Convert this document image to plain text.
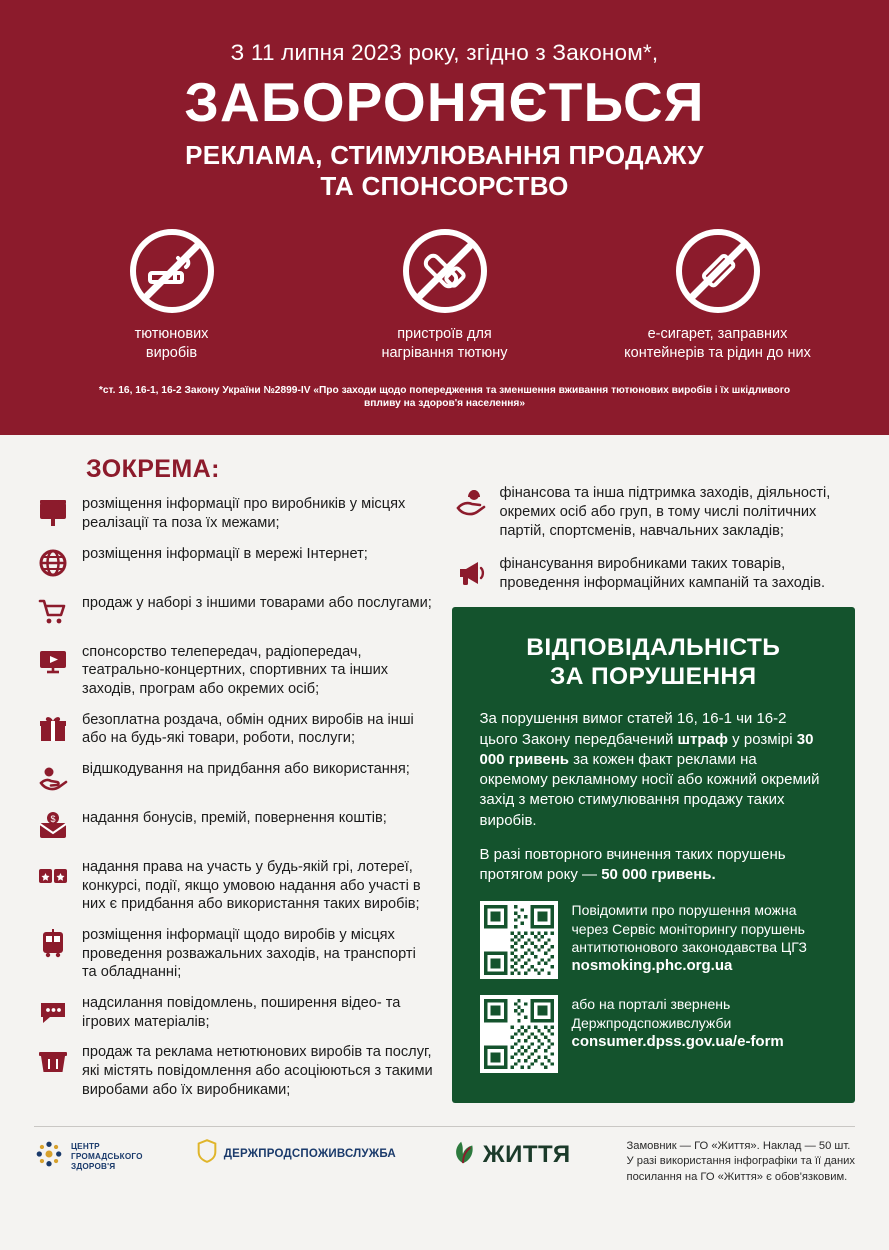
З 11 липня 2023 року, згідно з Законом*,
ЗАБОРОНЯЄТЬСЯ
РЕКЛАМА, СТИМУЛЮВАННЯ ПРОДАЖУ
ТА СПОНСОРСТВО
тютюнових
виробів
пристроїв для
нагрівання тютюну
е-сигарет, заправних
контейнерів та рідин до них
*ст. 16, 16-1, 16-2 Закону України №2899-IV «Про заходи щодо попередження та зменшення вживання тютюнових виробів і їх шкідливого впливу на здоров'я населення»
ЗОКРЕМА:
розміщення інформації про виробників у місцях реалізації та поза їх межами;
розміщення інформації в мережі Інтернет;
продаж у наборі з іншими товарами або послугами;
спонсорство телепередач, радіопередач, театрально-концертних, спортивних та інших заходів, програм або окремих осіб;
безоплатна роздача, обмін одних виробів на інші або на будь-які товари, роботи, послуги;
відшкодування на придбання або використання;
$ надання бонусів, премій, повернення коштів;
надання права на участь у будь-якій грі, лотереї, конкурсі, події, якщо умовою надання або участі в них є придбання або використання таких виробів;
розміщення інформації щодо виробів у місцях проведення розважальних заходів, на транспорті та обладнанні;
надсилання повідомлень, поширення відео- та ігрових матеріалів;
продаж та реклама нетютюнових виробів та послуг, які містять повідомлення або асоціюються з такими виробами або їх виробниками;
фінансова та інша підтримка заходів, діяльності, окремих осіб або груп, в тому числі політичних партій, спортсменів, навчальних закладів;
фінансування виробниками таких товарів, проведення інформаційних кампаній та заходів.
ВІДПОВІДАЛЬНІСТЬ
ЗА ПОРУШЕННЯ

За порушення вимог статей 16, 16-1 чи 16-2 цього Закону передбачений штраф у розмірі 30 000 гривень за кожен факт реклами на окремому рекламному носії або кожний окремий захід з метою стимулювання продажу таких виробів.

В разі повторного вчинення таких порушень протягом року — 50 000 гривень.

Повідомити про порушення можна через Сервіс моніторингу порушень антитютюнового законодавства ЦГЗ nosmoking.phc.org.ua
або на порталі звернень Держпродспоживслужби consumer.dpss.gov.ua/e-form
ЦЕНТР
ГРОМАДСЬКОГО
ЗДОРОВ'Я
ДЕРЖПРОДСПОЖИВСЛУЖБА	ЖИТТЯ	Замовник — ГО «Життя». Наклад — 50 шт.
У разі використання інфографіки та її даних
посилання на ГО «Життя» є обов'язковим.
